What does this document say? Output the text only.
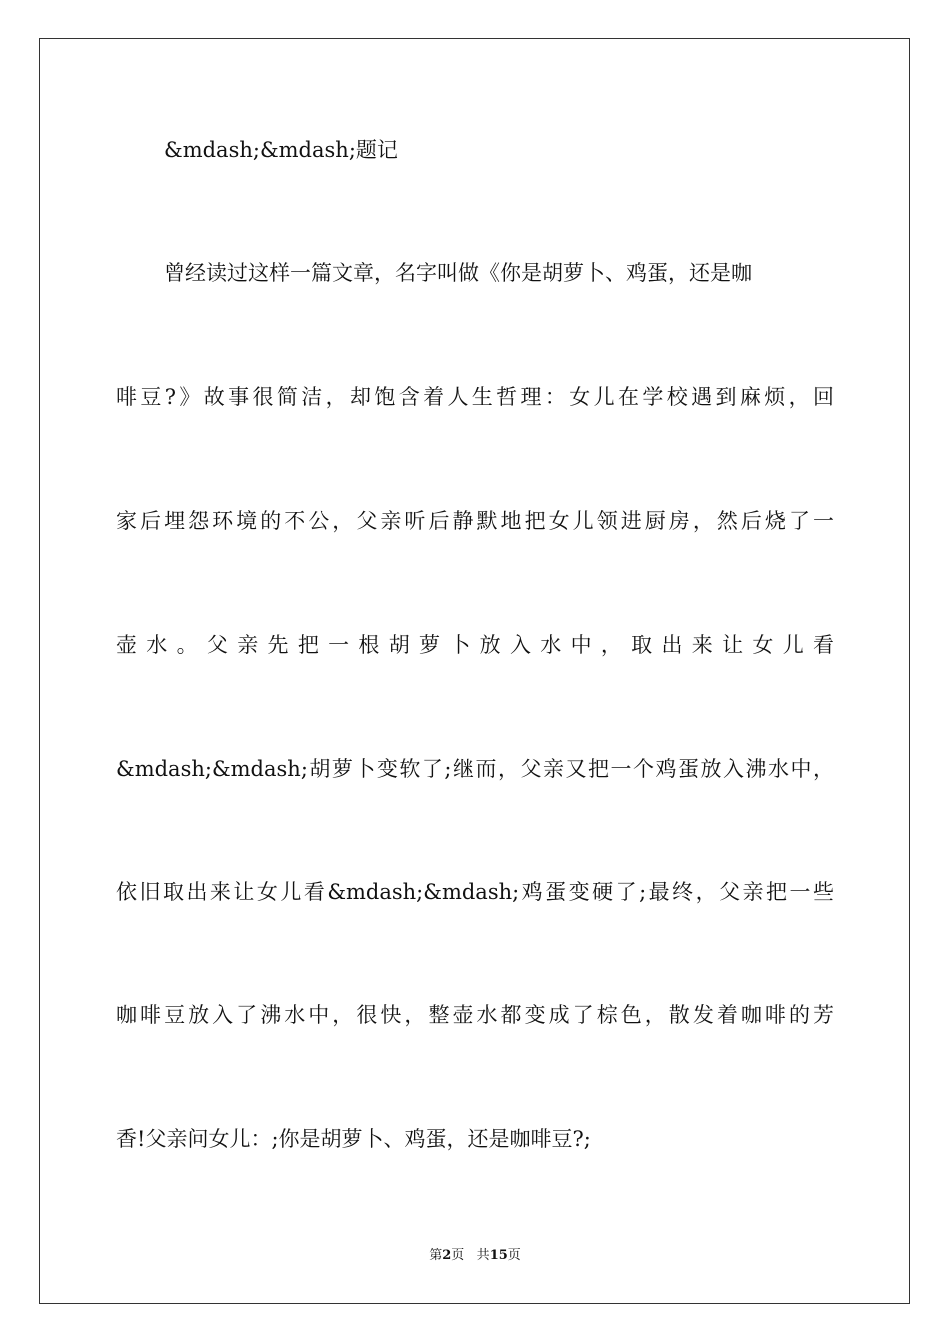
&mdash;&mdash;题记
曾经读过这样一篇文章，名字叫做《你是胡萝卜、鸡蛋，还是咖
啡豆?》故事很简洁，却饱含着人生哲理：女儿在学校遇到麻烦，回
家后埋怨环境的不公，父亲听后静默地把女儿领进厨房，然后烧了一
壶水。父亲先把一根胡萝卜放入水中，取出来让女儿看
&mdash;&mdash;胡萝卜变软了;继而，父亲又把一个鸡蛋放入沸水中，
依旧取出来让女儿看&mdash;&mdash;鸡蛋变硬了;最终，父亲把一些
咖啡豆放入了沸水中，很快，整壶水都变成了棕色，散发着咖啡的芳
香!父亲问女儿：;你是胡萝卜、鸡蛋，还是咖啡豆?;
第2页 共15页
